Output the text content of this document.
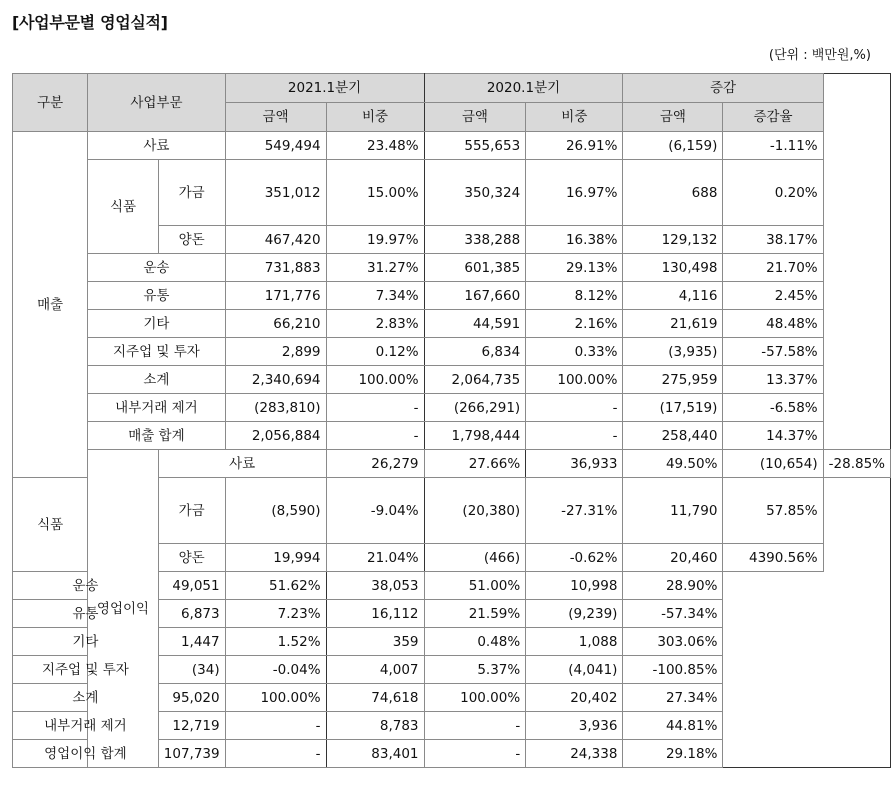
[사업부문별 영업실적]
(단위 : 백만원,%)
구분	사업부문		2021.1분기		2020.1분기		증감		
			금액	비중	금액	비중	금액	증감율	
매출	사료		549,494	23.48%	555,653	26.91%	(6,159)	-1.11%	
	식품	가금	351,012	15.00%	350,324	16.97%	688	0.20%	
		양돈	467,420	19.97%	338,288	16.38%	129,132	38.17%	
	운송		731,883	31.27%	601,385	29.13%	130,498	21.70%	
	유통		171,776	7.34%	167,660	8.12%	4,116	2.45%	
	기타		66,210	2.83%	44,591	2.16%	21,619	48.48%	
	지주업 및 투자		2,899	0.12%	6,834	0.33%	(3,935)	-57.58%	
	소계		2,340,694	100.00%	2,064,735	100.00%	275,959	13.37%	
	내부거래 제거		(283,810)	-	(266,291)	-	(17,519)	-6.58%	
	매출 합계		2,056,884	-	1,798,444	-	258,440	14.37%	
	영업이익	사료		26,279	27.66%	36,933	49.50%	(10,654)	-28.85%
식품		가금	(8,590)	-9.04%	(20,380)	-27.31%	11,790	57.85%	
		양돈	19,994	21.04%	(466)	-0.62%	20,460	4390.56%	
운송		49,051	51.62%	38,053	51.00%	10,998	28.90%		
유통		6,873	7.23%	16,112	21.59%	(9,239)	-57.34%		
기타		1,447	1.52%	359	0.48%	1,088	303.06%		
지주업 및 투자		(34)	-0.04%	4,007	5.37%	(4,041)	-100.85%		
소계		95,020	100.00%	74,618	100.00%	20,402	27.34%		
내부거래 제거		12,719	-	8,783	-	3,936	44.81%		
영업이익 합계		107,739	-	83,401	-	24,338	29.18%		
